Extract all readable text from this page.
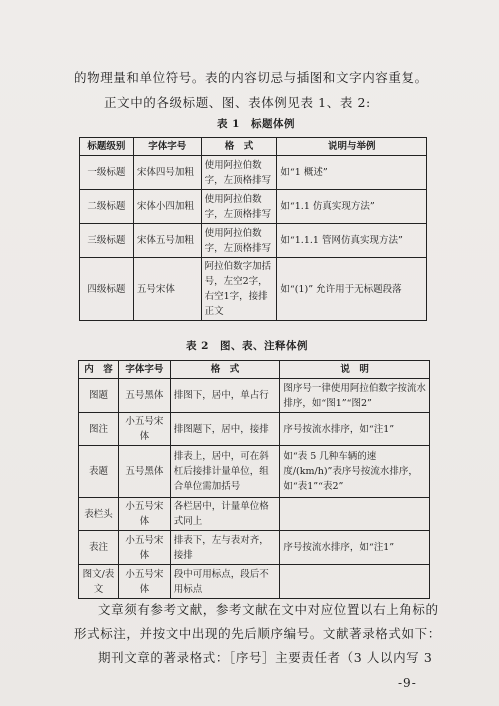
的物理量和单位符号。表的内容切忌与插图和文字内容重复。
正文中的各级标题、图、表体例见表 1、表 2:
表 1　标题体例
标题级别	字体字号	格　式	说明与举例
一级标题	宋体四号加粗	使用阿拉伯数字，左顶格排写	如“1 概述”
二级标题	宋体小四加粗	使用阿拉伯数字，左顶格排写	如“1.1 仿真实现方法”
三级标题	宋体五号加粗	使用阿拉伯数字，左顶格排写	如“1.1.1 管网仿真实现方法”
四级标题	五号宋体	阿拉伯数字加括号，左空2字，右空1字，接排正文	如“(1)” 允许用于无标题段落
表 2　图、表、注释体例
内　容	字体字号	格　式	说　明
图题	五号黑体	排图下，居中，单占行	图序号一律使用阿拉伯数字按流水排序，如“图1”“图2”
图注	小五号宋体	排图题下，居中，接排	序号按流水排序，如“注1”
表题	五号黑体	排表上，居中，可在斜杠后接排计量单位，组合单位需加括号	如“表 5 几种车辆的速度/(km/h)”表序号按流水排序，如“表1”“表2”
表栏头	小五号宋体	各栏居中，计量单位格式同上	
表注	小五号宋体	排表下，左与表对齐，接排	序号按流水排序，如“注1”
图文/表文	小五号宋体	段中可用标点，段后不用标点	
文章须有参考文献，参考文献在文中对应位置以右上角标的
形式标注，并按文中出现的先后顺序编号。文献著录格式如下：
期刊文章的著录格式：［序号］主要责任者（3 人以内写 3
-9-
